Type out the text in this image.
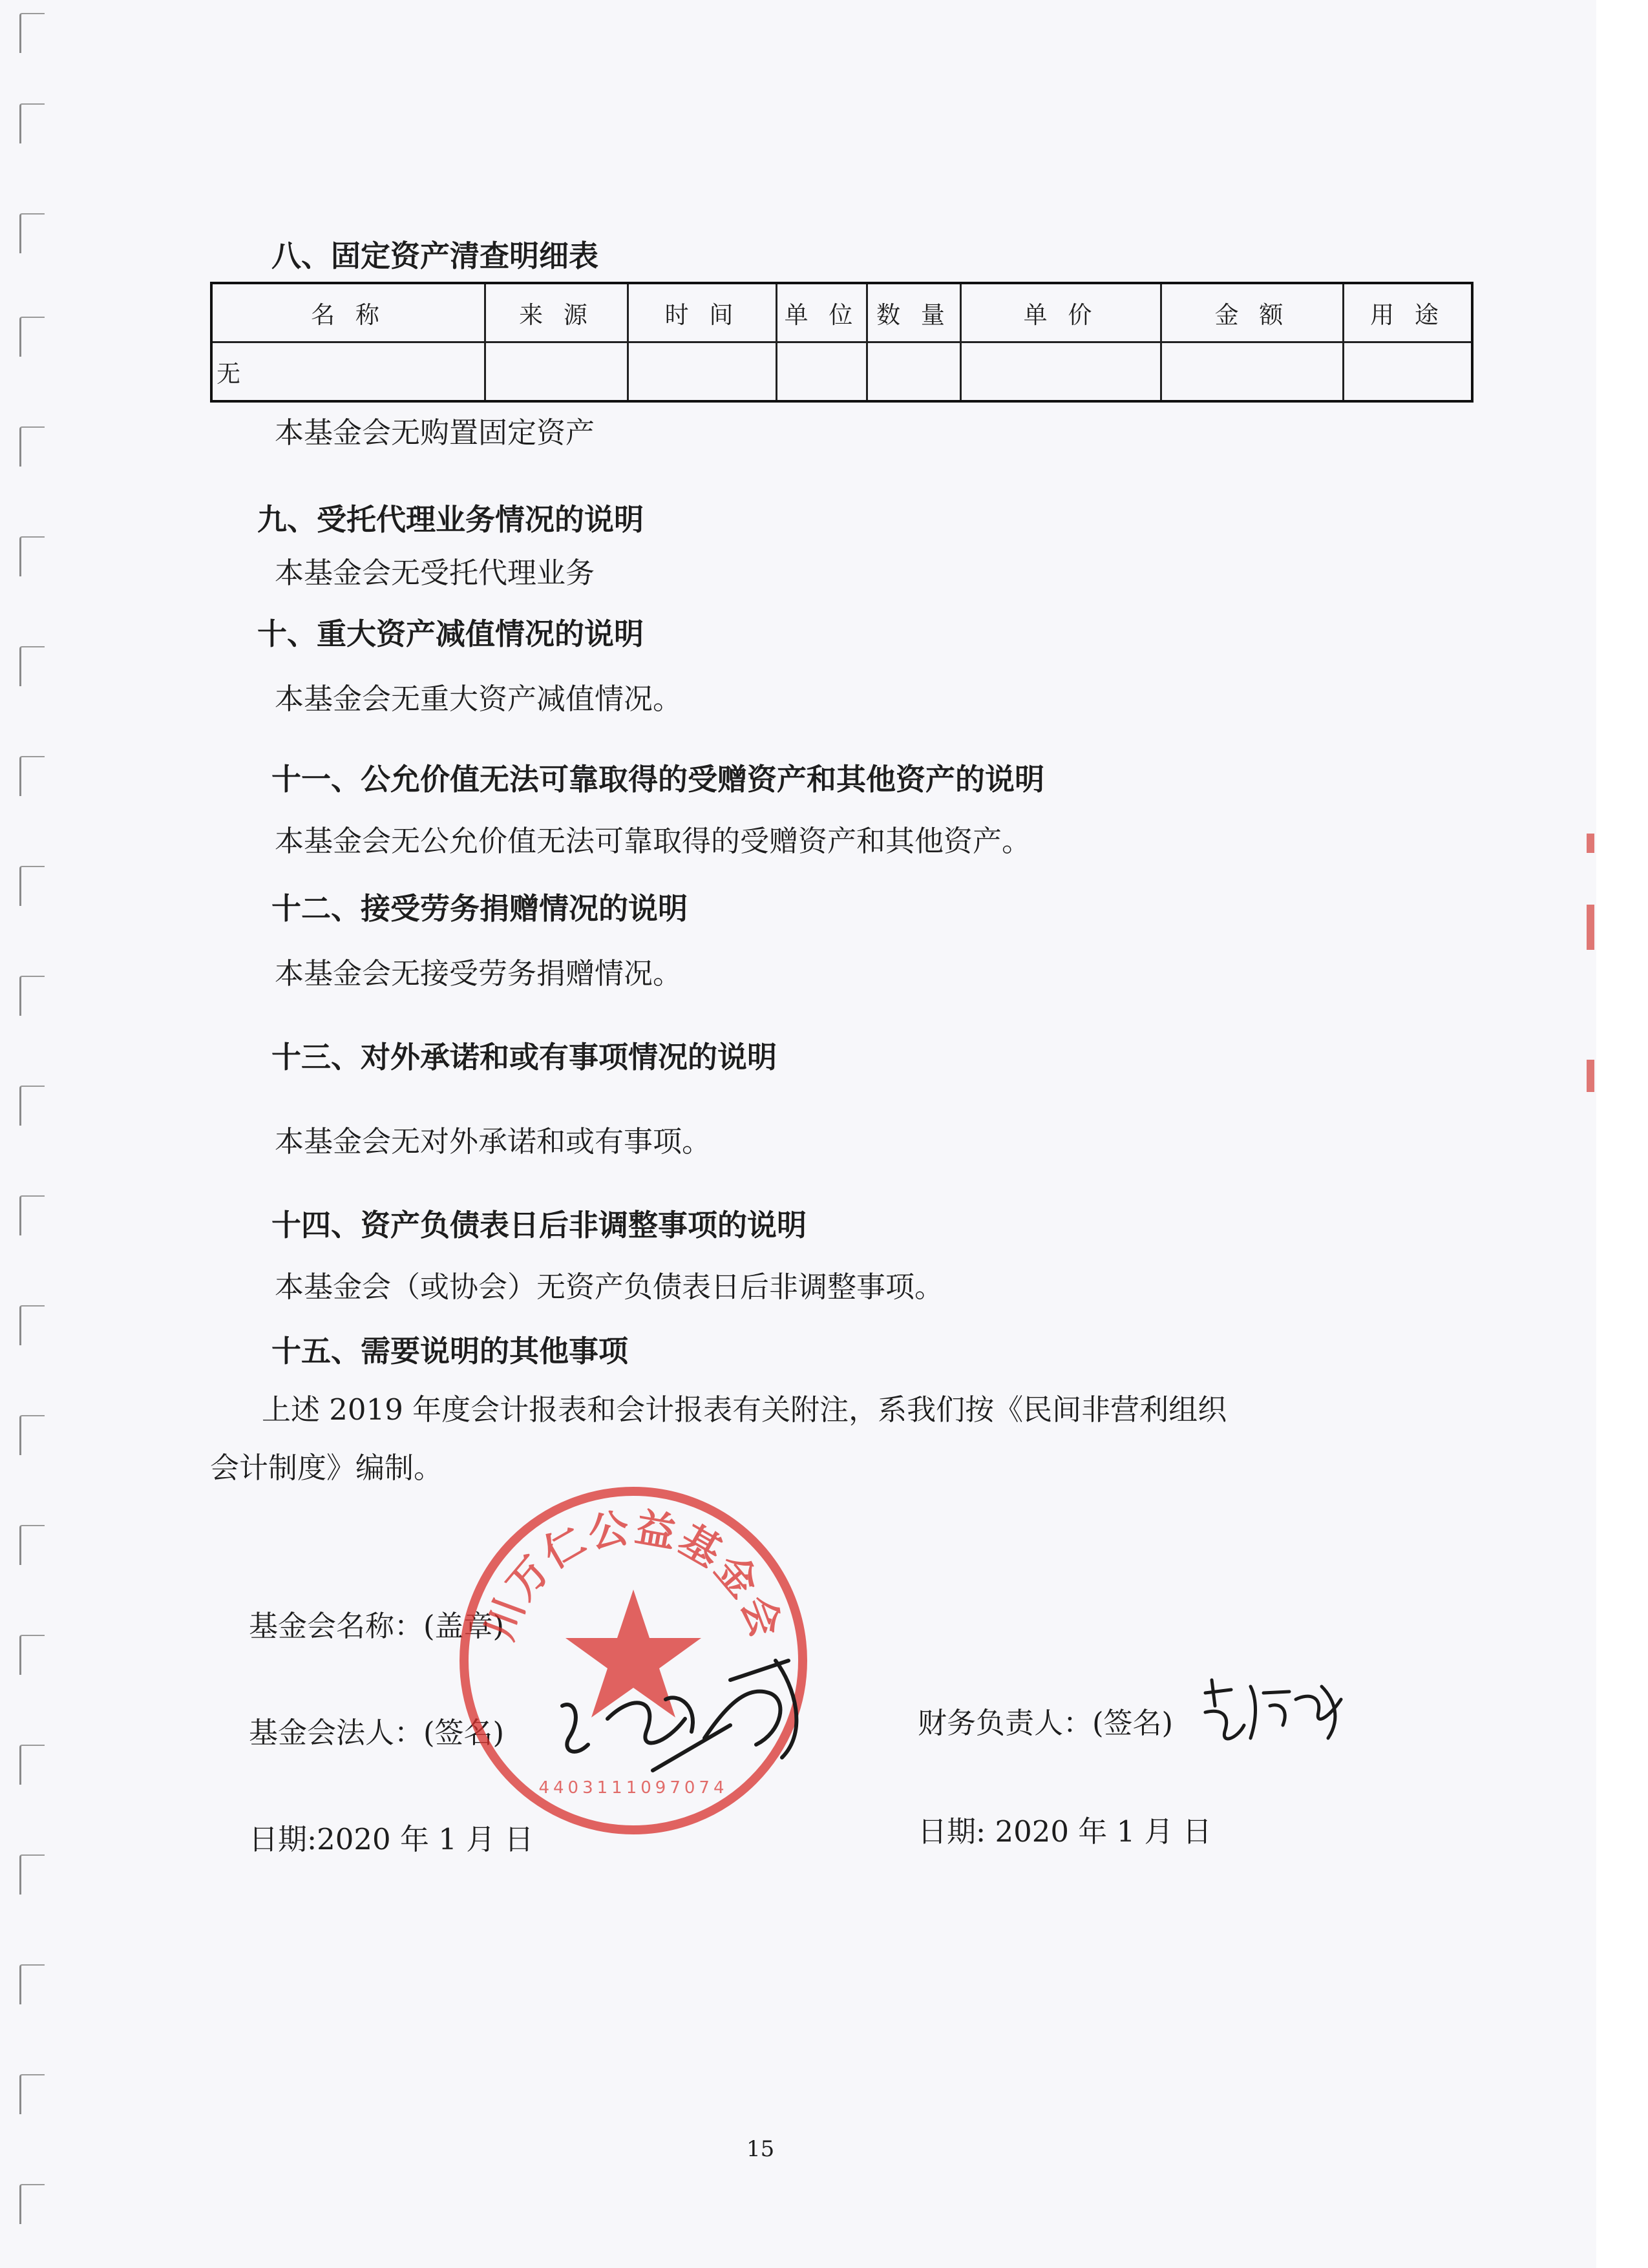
八、固定资产清查明细表
名 称	来 源	时 间	单 位	数 量	单 价	金 额	用 途
无							
本基金会无购置固定资产
九、受托代理业务情况的说明
本基金会无受托代理业务
十、重大资产减值情况的说明
本基金会无重大资产减值情况。
十一、公允价值无法可靠取得的受赠资产和其他资产的说明
本基金会无公允价值无法可靠取得的受赠资产和其他资产。
十二、接受劳务捐赠情况的说明
本基金会无接受劳务捐赠情况。
十三、对外承诺和或有事项情况的说明
本基金会无对外承诺和或有事项。
十四、资产负债表日后非调整事项的说明
本基金会（或协会）无资产负债表日后非调整事项。
十五、需要说明的其他事项
上述 2019 年度会计报表和会计报表有关附注，系我们按《民间非营利组织
会计制度》编制。
基金会名称：(盖章)
基金会法人：(签名)	财务负责人：(签名)
日期:2020 年 1 月 日	日期: 2020 年 1 月 日
川万仁公益基金会
4403111097074
15
